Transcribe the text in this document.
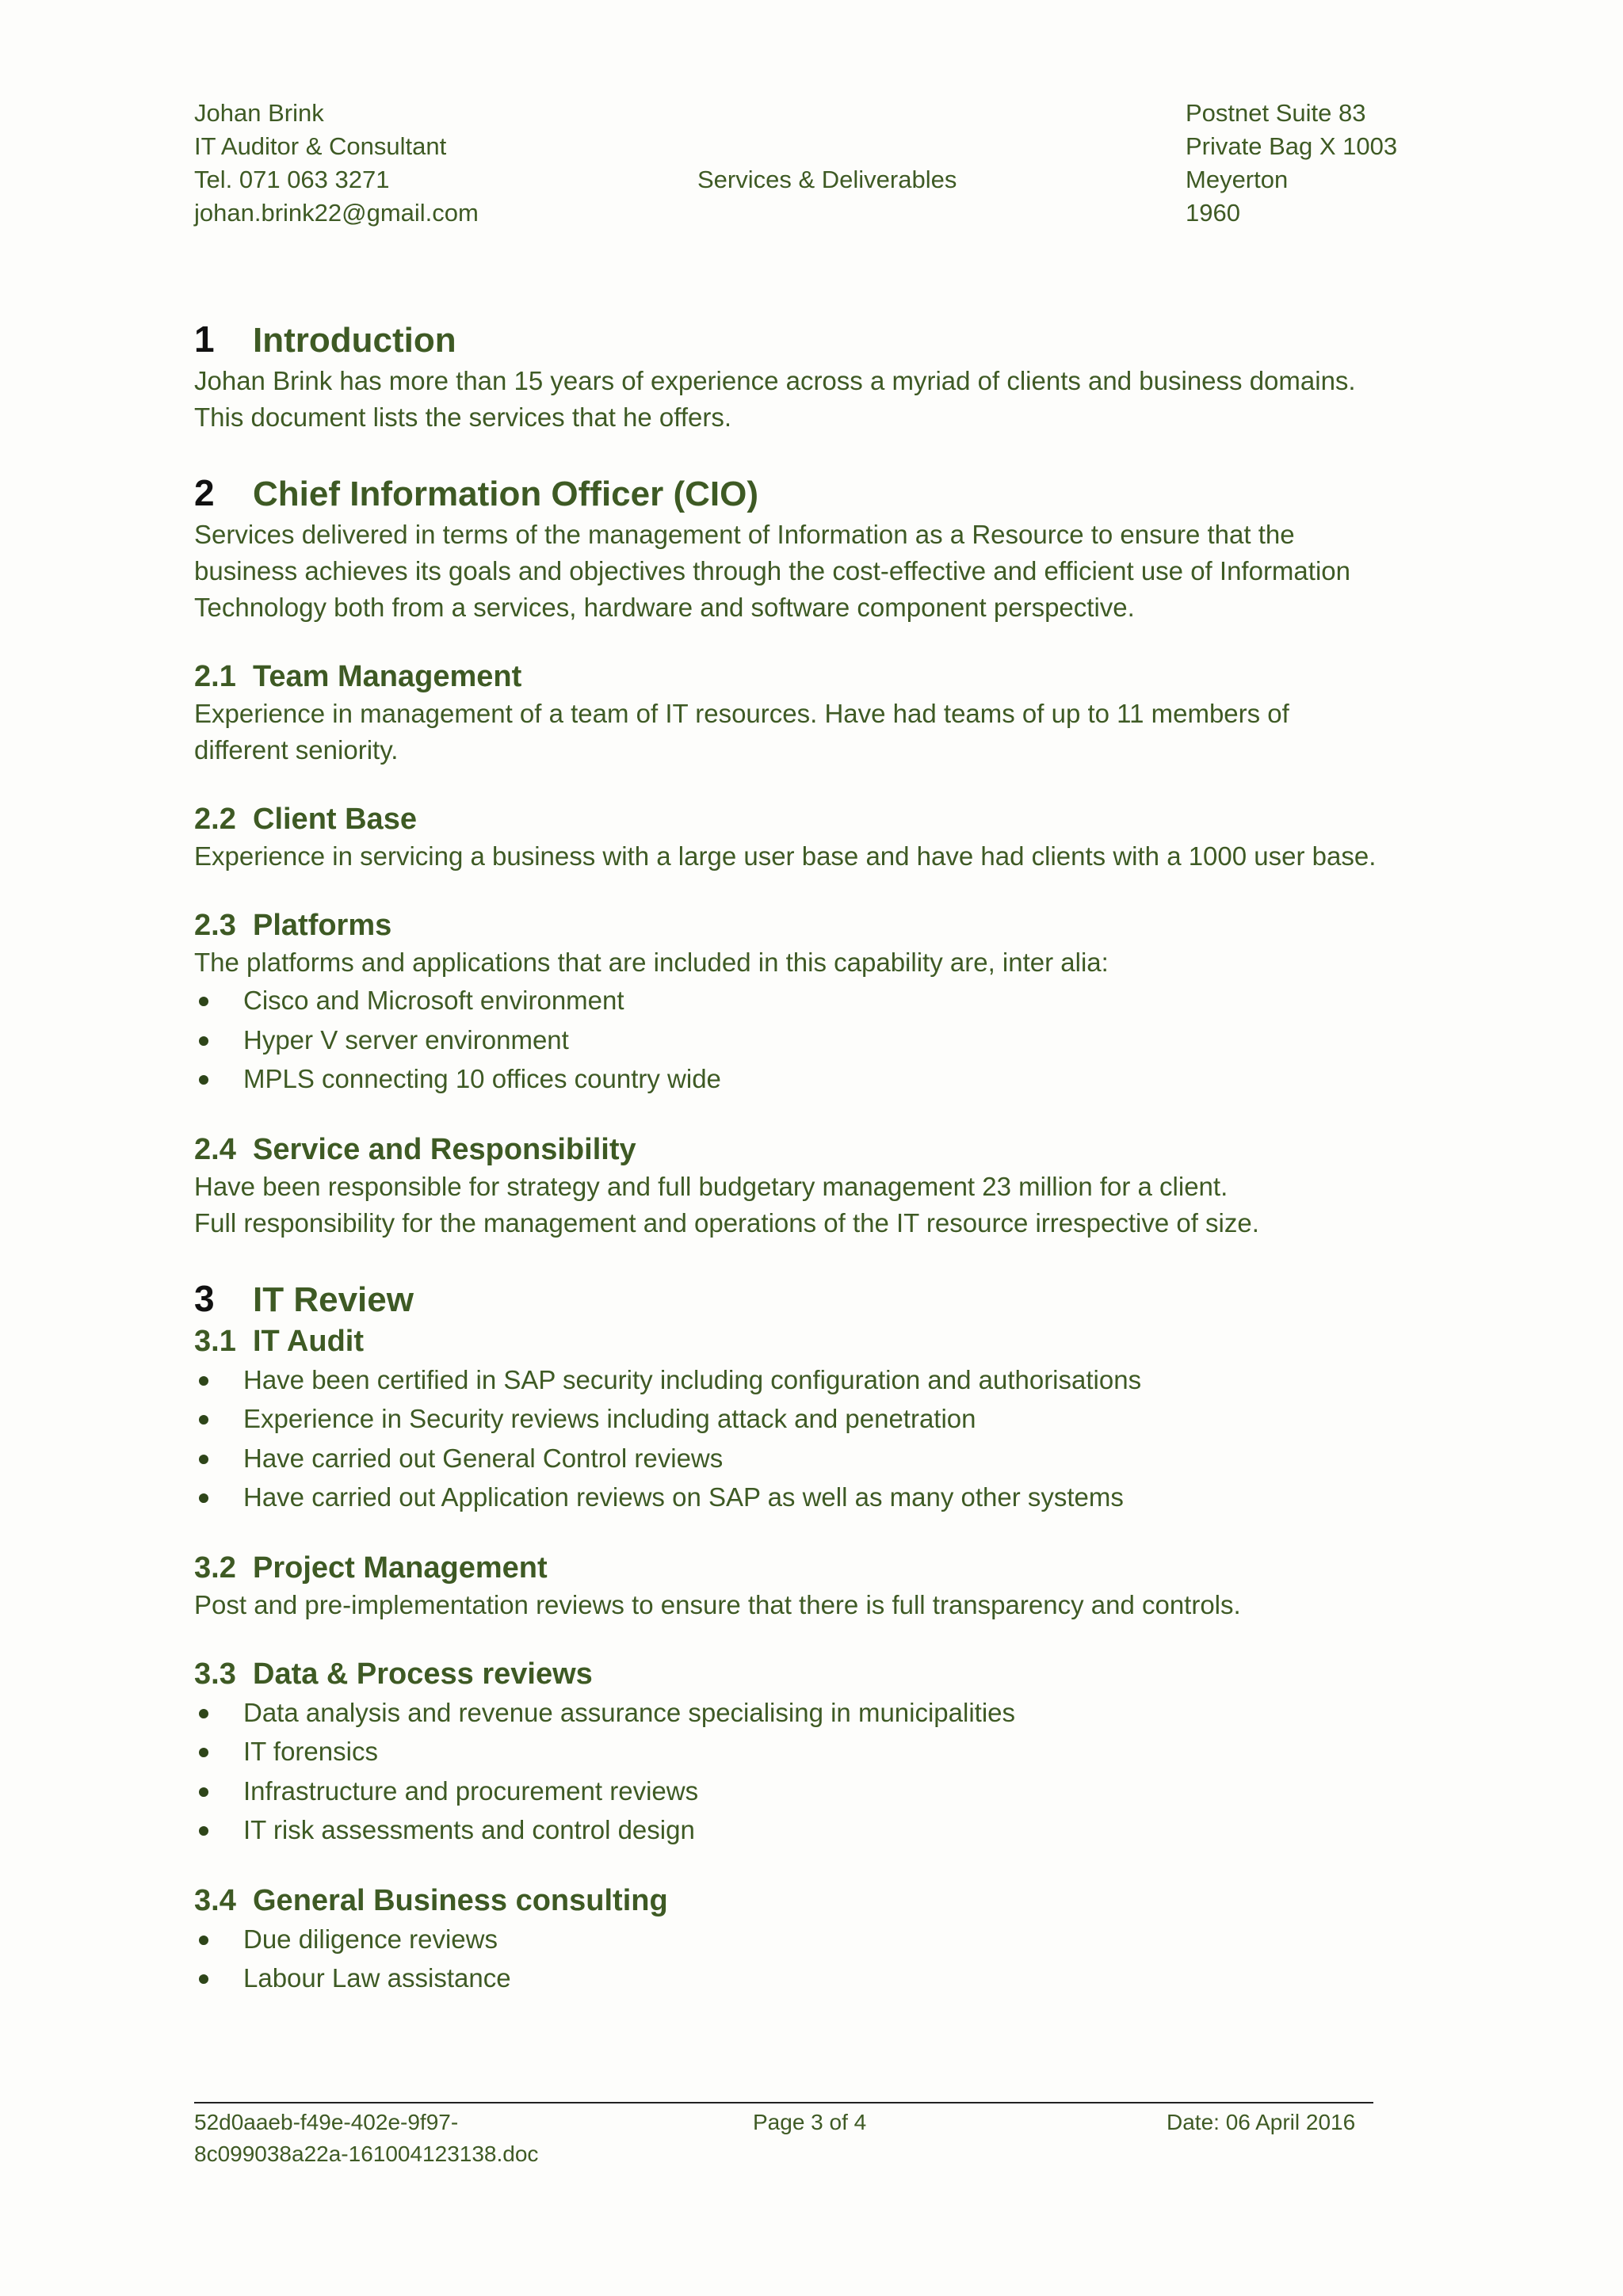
Johan Brink
IT Auditor & Consultant
Tel. 071 063 3271
johan.brink22@gmail.com
Services & Deliverables
Postnet Suite 83
Private Bag X 1003
Meyerton
1960
1	Introduction

Johan Brink has more than 15 years of experience across a myriad of clients and business domains. This document lists the services that he offers.

2	Chief Information Officer (CIO)

Services delivered in terms of the management of Information as a Resource to ensure that the business achieves its goals and objectives through the cost-effective and efficient use of Information Technology both from a services, hardware and software component perspective.

2.1 Team Management

Experience in management of a team of IT resources. Have had teams of up to 11 members of different seniority.

2.2 Client Base

Experience in servicing a business with a large user base and have had clients with a 1000 user base.

2.3 Platforms

The platforms and applications that are included in this capability are, inter alia:

Cisco and Microsoft environment
Hyper V server environment
MPLS connecting 10 offices country wide
2.4 Service and Responsibility

Have been responsible for strategy and full budgetary management 23 million for a client.

Full responsibility for the management and operations of the IT resource irrespective of size.

3	IT Review
3.1 IT Audit
Have been certified in SAP security including configuration and authorisations
Experience in Security reviews including attack and penetration
Have carried out General Control reviews
Have carried out Application reviews on SAP as well as many other systems
3.2 Project Management

Post and pre-implementation reviews to ensure that there is full transparency and controls.

3.3 Data & Process reviews
Data analysis and revenue assurance specialising in municipalities
IT forensics
Infrastructure and procurement reviews
IT risk assessments and control design
3.4 General Business consulting
Due diligence reviews
Labour Law assistance
52d0aaeb-f49e-402e-9f97-
8c099038a22a-161004123138.doc
Page 3 of 4	Date: 06 April 2016
